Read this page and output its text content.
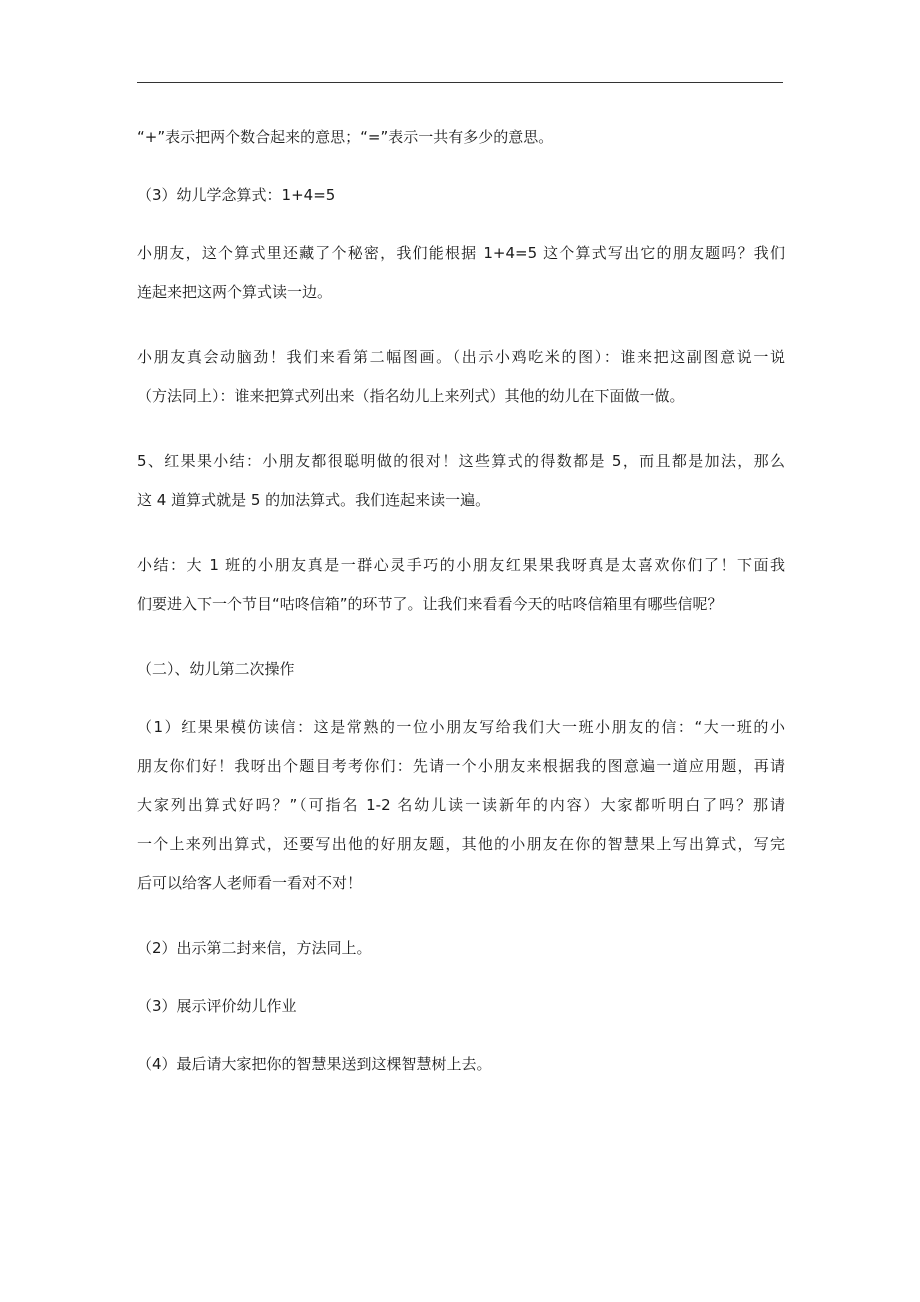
“+”表示把两个数合起来的意思；“=”表示一共有多少的意思。

（3）幼儿学念算式：1+4=5

小朋友，这个算式里还藏了个秘密，我们能根据 1+4=5 这个算式写出它的朋友题吗？我们
连起来把这两个算式读一边。

小朋友真会动脑劲！我们来看第二幅图画。（出示小鸡吃米的图）：谁来把这副图意说一说
（方法同上）：谁来把算式列出来（指名幼儿上来列式）其他的幼儿在下面做一做。

5、红果果小结：小朋友都很聪明做的很对！这些算式的得数都是 5，而且都是加法，那么
这 4 道算式就是 5 的加法算式。我们连起来读一遍。

小结：大 1 班的小朋友真是一群心灵手巧的小朋友红果果我呀真是太喜欢你们了！下面我
们要进入下一个节目“咕咚信箱”的环节了。让我们来看看今天的咕咚信箱里有哪些信呢？

（二）、幼儿第二次操作

（1）红果果模仿读信：这是常熟的一位小朋友写给我们大一班小朋友的信：“大一班的小
朋友你们好！我呀出个题目考考你们：先请一个小朋友来根据我的图意遍一道应用题，再请
大家列出算式好吗？”（可指名 1-2 名幼儿读一读新年的内容）大家都听明白了吗？那请
一个上来列出算式，还要写出他的好朋友题，其他的小朋友在你的智慧果上写出算式，写完
后可以给客人老师看一看对不对！

（2）出示第二封来信，方法同上。

（3）展示评价幼儿作业

（4）最后请大家把你的智慧果送到这棵智慧树上去。
